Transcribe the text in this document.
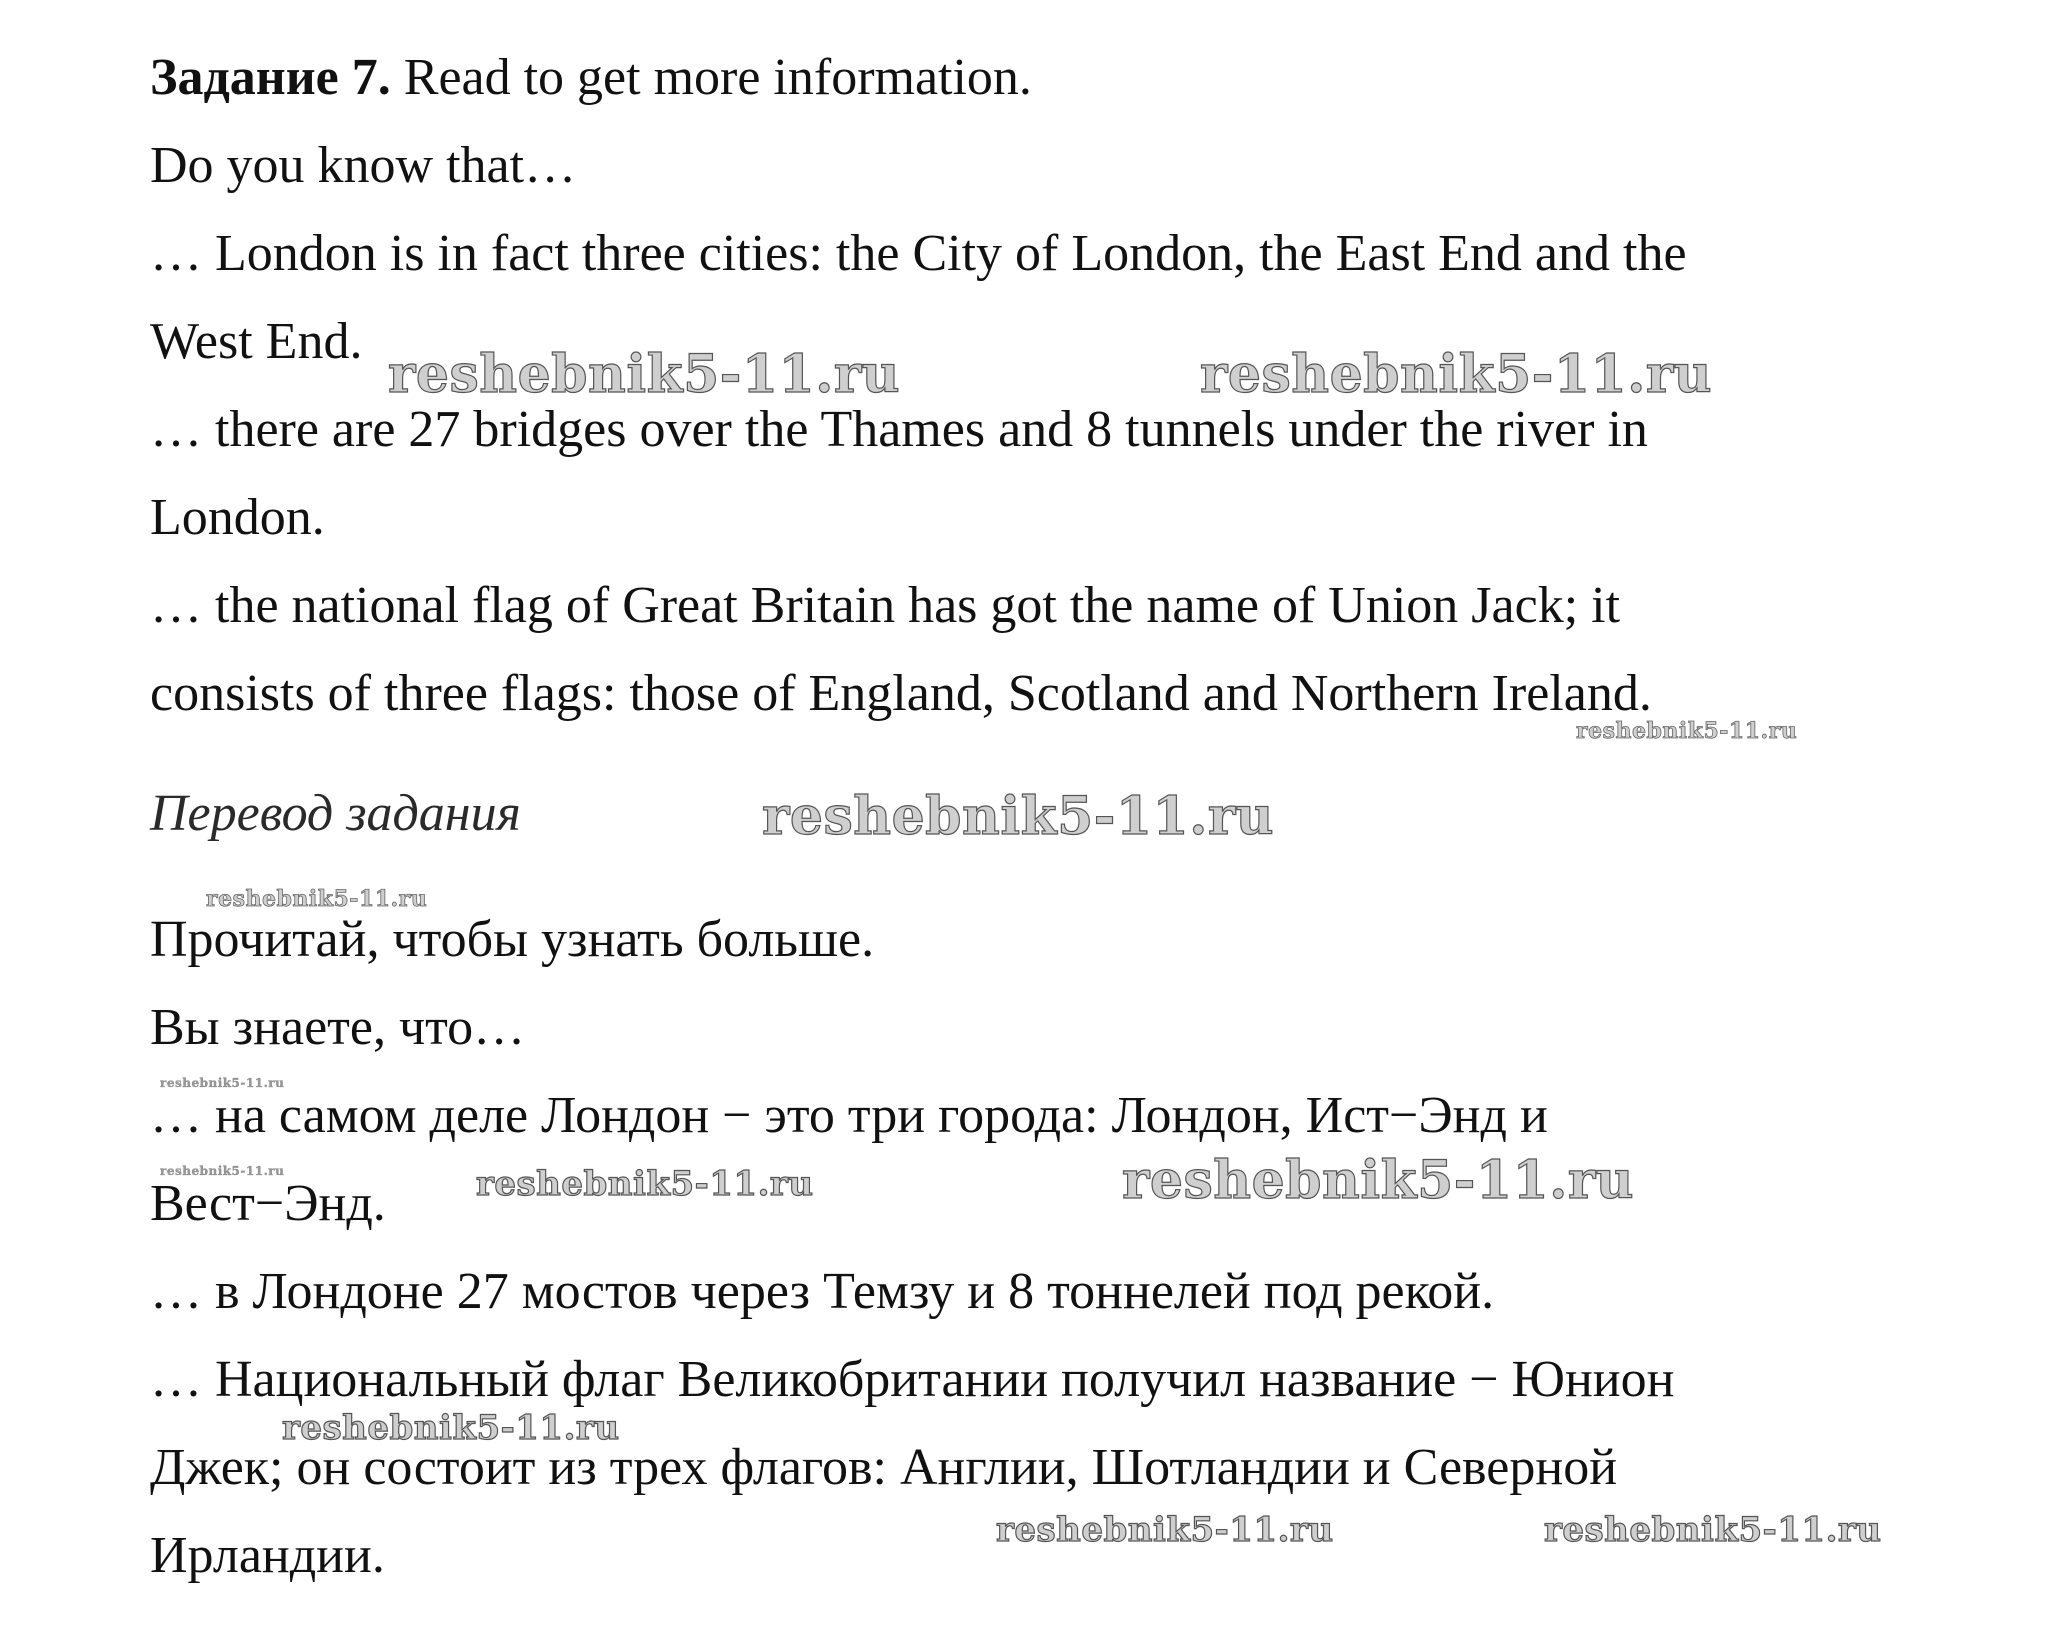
Задание 7. Read to get more information.
Do you know that…
… London is in fact three cities: the City of London, the East End and the
West End.
… there are 27 bridges over the Thames and 8 tunnels under the river in
London.
… the national flag of Great Britain has got the name of Union Jack; it
consists of three flags: those of England, Scotland and Northern Ireland.
Перевод задания
Прочитай, чтобы узнать больше.
Вы знаете, что…
… на самом деле Лондон − это три города: Лондон, Ист−Энд и
Вест−Энд.
… в Лондоне 27 мостов через Темзу и 8 тоннелей под рекой.
… Национальный флаг Великобритании получил название − Юнион
Джек; он состоит из трех флагов: Англии, Шотландии и Северной
Ирландии.
reshebnik5-11.ru	reshebnik5-11.ru
reshebnik5-11.ru
reshebnik5-11.ru
reshebnik5-11.ru
reshebnik5-11.ru
reshebnik5-11.ru	reshebnik5-11.ru	reshebnik5-11.ru
reshebnik5-11.ru
reshebnik5-11.ru	reshebnik5-11.ru
